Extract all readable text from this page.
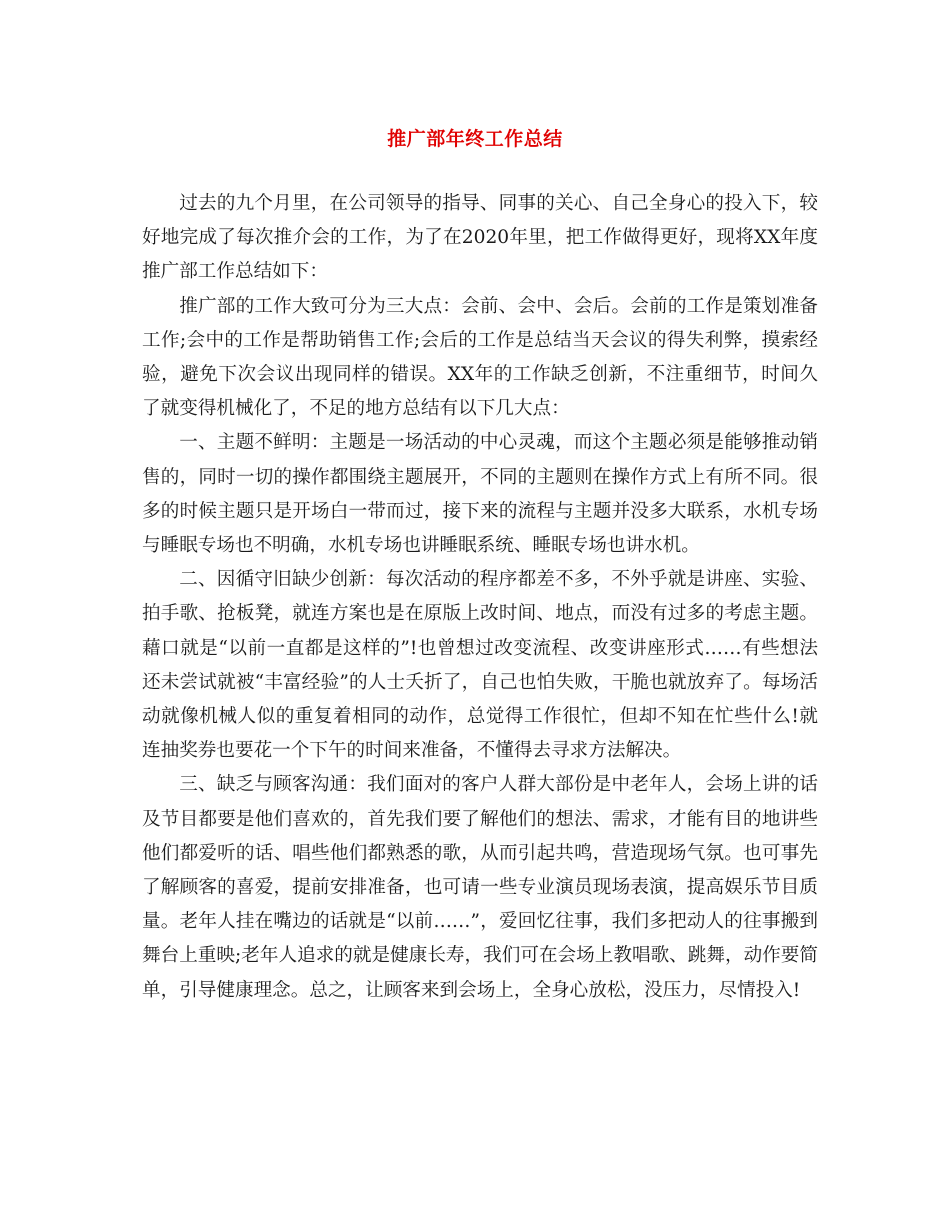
推广部年终工作总结

过去的九个月里，在公司领导的指导、同事的关心、自己全身心的投入下，较好地完成了每次推介会的工作，为了在2020年里，把工作做得更好，现将XX年度推广部工作总结如下：

推广部的工作大致可分为三大点：会前、会中、会后。会前的工作是策划准备工作;会中的工作是帮助销售工作;会后的工作是总结当天会议的得失利弊，摸索经验，避免下次会议出现同样的错误。XX年的工作缺乏创新，不注重细节，时间久了就变得机械化了，不足的地方总结有以下几大点：

一、主题不鲜明：主题是一场活动的中心灵魂，而这个主题必须是能够推动销售的，同时一切的操作都围绕主题展开，不同的主题则在操作方式上有所不同。很多的时候主题只是开场白一带而过，接下来的流程与主题并没多大联系，水机专场与睡眠专场也不明确，水机专场也讲睡眠系统、睡眠专场也讲水机。

二、因循守旧缺少创新：每次活动的程序都差不多，不外乎就是讲座、实验、拍手歌、抢板凳，就连方案也是在原版上改时间、地点，而没有过多的考虑主题。藉口就是“以前一直都是这样的”!也曾想过改变流程、改变讲座形式……有些想法还未尝试就被“丰富经验”的人士夭折了，自己也怕失败，干脆也就放弃了。每场活动就像机械人似的重复着相同的动作，总觉得工作很忙，但却不知在忙些什么!就连抽奖券也要花一个下午的时间来准备，不懂得去寻求方法解决。

三、缺乏与顾客沟通：我们面对的客户人群大部份是中老年人，会场上讲的话及节目都要是他们喜欢的，首先我们要了解他们的想法、需求，才能有目的地讲些他们都爱听的话、唱些他们都熟悉的歌，从而引起共鸣，营造现场气氛。也可事先了解顾客的喜爱，提前安排准备，也可请一些专业演员现场表演，提高娱乐节目质量。老年人挂在嘴边的话就是“以前……”，爱回忆往事，我们多把动人的往事搬到舞台上重映;老年人追求的就是健康长寿，我们可在会场上教唱歌、跳舞，动作要简单，引导健康理念。总之，让顾客来到会场上，全身心放松，没压力，尽情投入!
